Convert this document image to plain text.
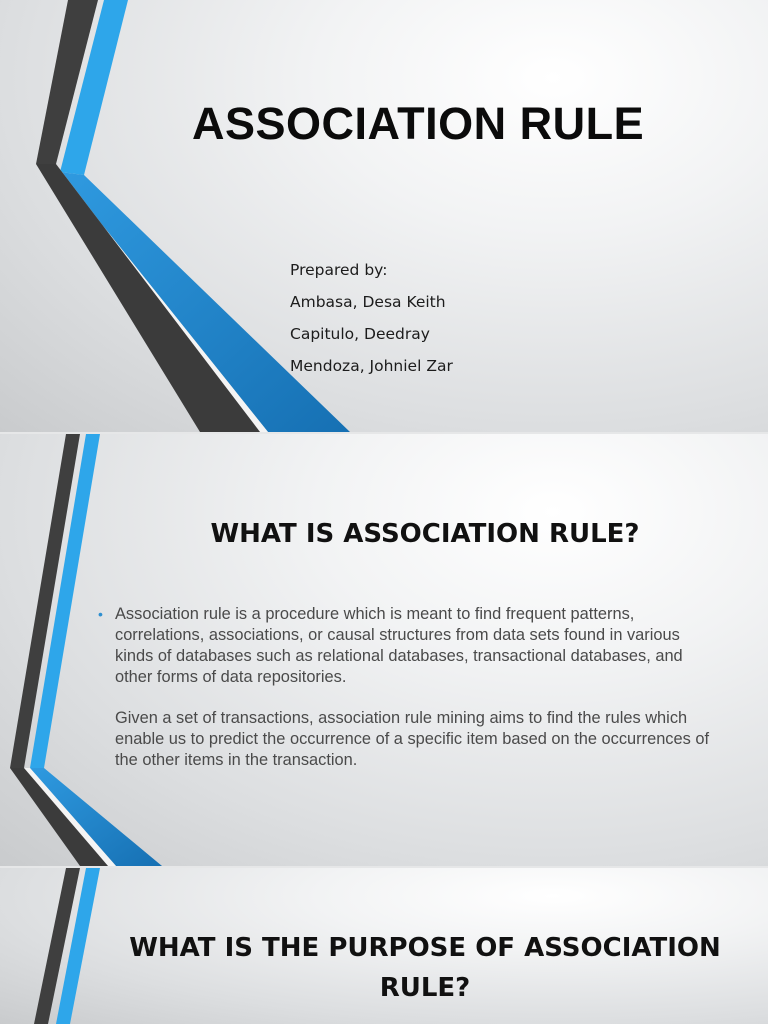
ASSOCIATION RULE
Prepared by:
Ambasa, Desa Keith
Capitulo, Deedray
Mendoza, Johniel Zar
WHAT IS ASSOCIATION RULE?
• Association rule is a procedure which is meant to find frequent patterns, correlations, associations, or causal structures from data sets found in various kinds of databases such as relational databases, transactional databases, and other forms of data repositories.

Given a set of transactions, association rule mining aims to find the rules which enable us to predict the occurrence of a specific item based on the occurrences of the other items in the transaction.

WHAT IS THE PURPOSE OF ASSOCIATION RULE?
